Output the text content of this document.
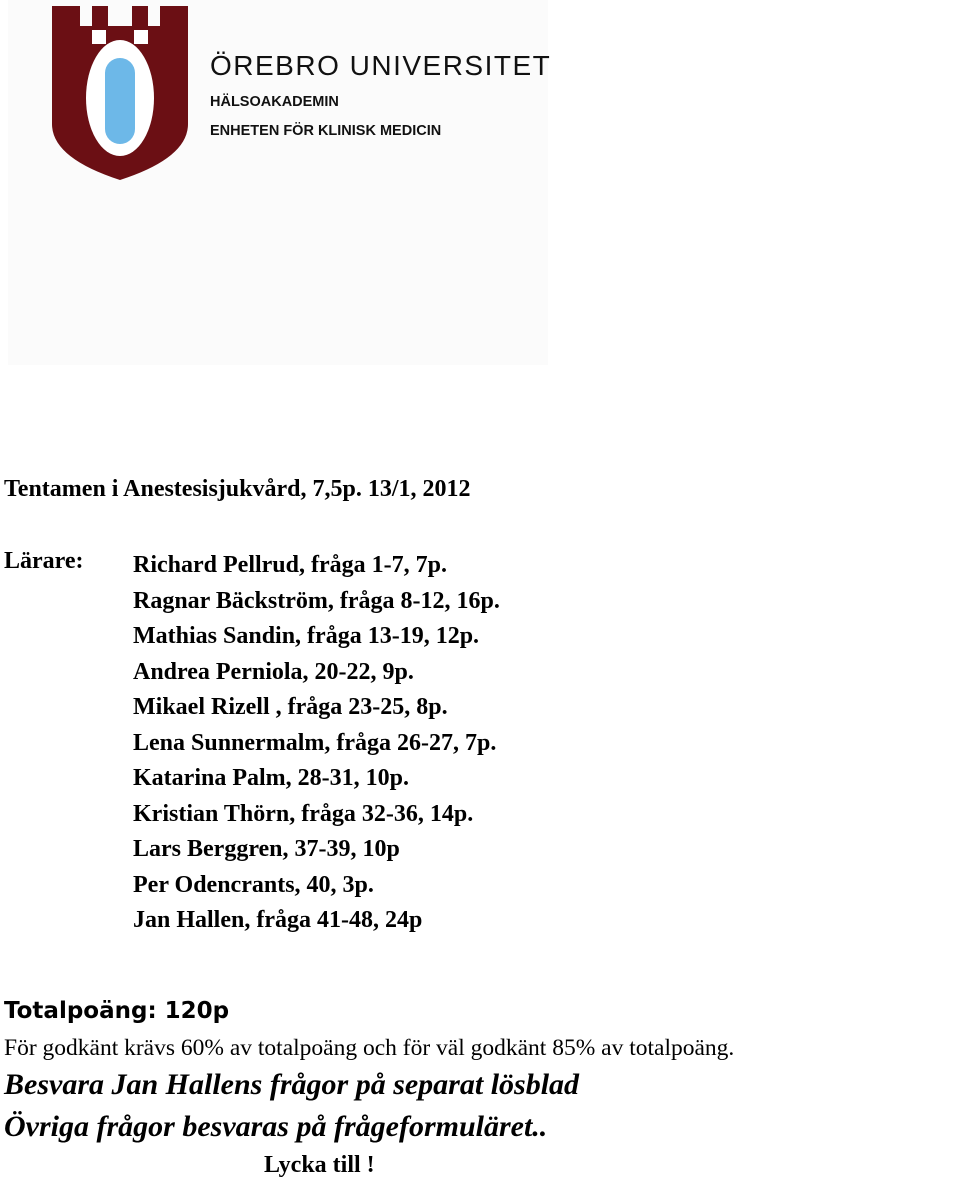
ÖREBRO UNIVERSITET
HÄLSOAKADEMIN
ENHETEN FÖR KLINISK MEDICIN
Tentamen i Anestesisjukvård, 7,5p. 13/1, 2012
Lärare: Richard Pellrud, fråga 1-7, 7p.
Ragnar Bäckström, fråga 8-12, 16p.
Mathias Sandin, fråga 13-19, 12p.
Andrea Perniola, 20-22, 9p.
Mikael Rizell , fråga 23-25, 8p.
Lena Sunnermalm, fråga 26-27, 7p.
Katarina Palm, 28-31, 10p.
Kristian Thörn, fråga 32-36, 14p.
Lars Berggren, 37-39, 10p
Per Odencrants, 40, 3p.
Jan Hallen, fråga 41-48, 24p
Totalpoäng: 120p
För godkänt krävs 60% av totalpoäng och för väl godkänt 85% av totalpoäng.
Besvara Jan Hallens frågor på separat lösblad
Övriga frågor besvaras på frågeformuläret..
Lycka till !
